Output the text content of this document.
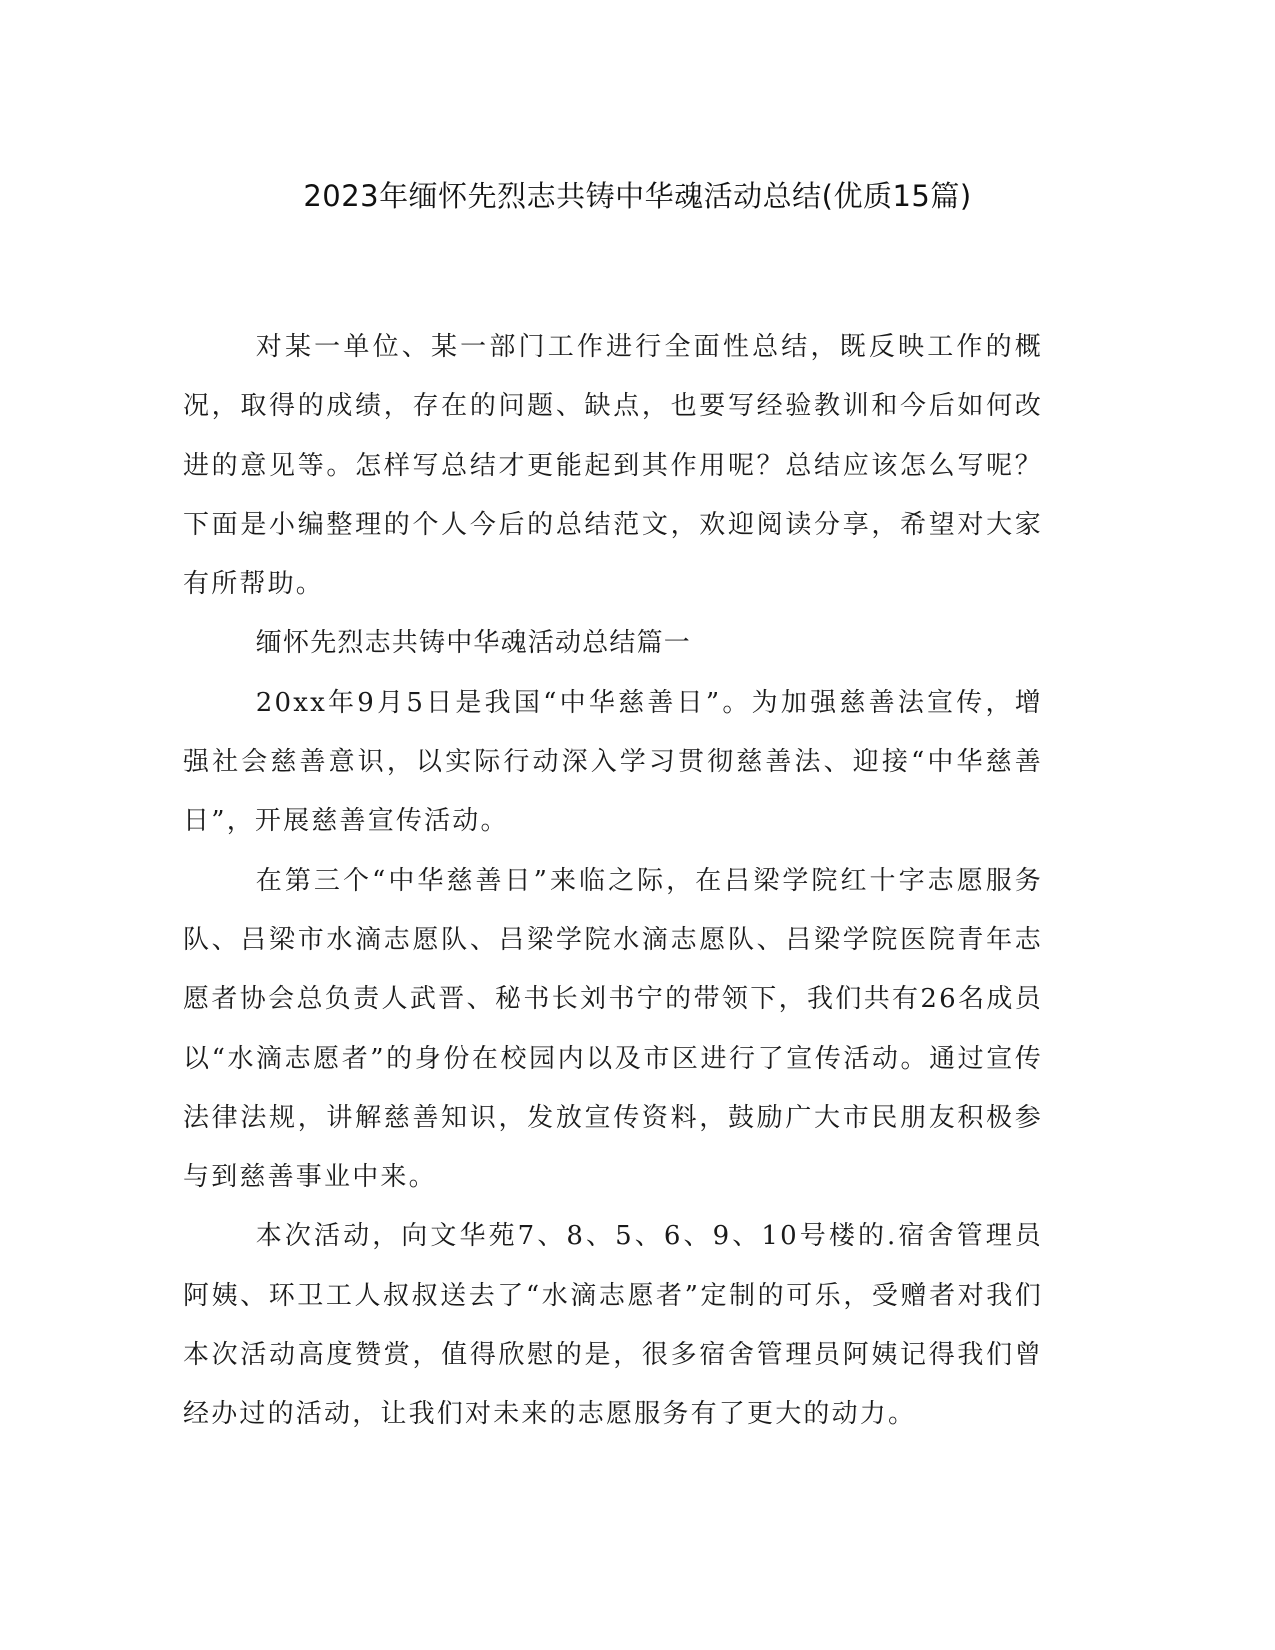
2023年缅怀先烈志共铸中华魂活动总结(优质15篇)

对某一单位、某一部门工作进行全面性总结，既反映工作的概况，取得的成绩，存在的问题、缺点，也要写经验教训和今后如何改进的意见等。怎样写总结才更能起到其作用呢？总结应该怎么写呢？下面是小编整理的个人今后的总结范文，欢迎阅读分享，希望对大家有所帮助。

缅怀先烈志共铸中华魂活动总结篇一

20xx年9月5日是我国“中华慈善日”。为加强慈善法宣传，增强社会慈善意识，以实际行动深入学习贯彻慈善法、迎接“中华慈善日”，开展慈善宣传活动。

在第三个“中华慈善日”来临之际，在吕梁学院红十字志愿服务队、吕梁市水滴志愿队、吕梁学院水滴志愿队、吕梁学院医院青年志愿者协会总负责人武晋、秘书长刘书宁的带领下，我们共有26名成员以“水滴志愿者”的身份在校园内以及市区进行了宣传活动。通过宣传法律法规，讲解慈善知识，发放宣传资料，鼓励广大市民朋友积极参与到慈善事业中来。

本次活动，向文华苑7、8、5、6、9、10号楼的.宿舍管理员阿姨、环卫工人叔叔送去了“水滴志愿者”定制的可乐，受赠者对我们本次活动高度赞赏，值得欣慰的是，很多宿舍管理员阿姨记得我们曾经办过的活动，让我们对未来的志愿服务有了更大的动力。
